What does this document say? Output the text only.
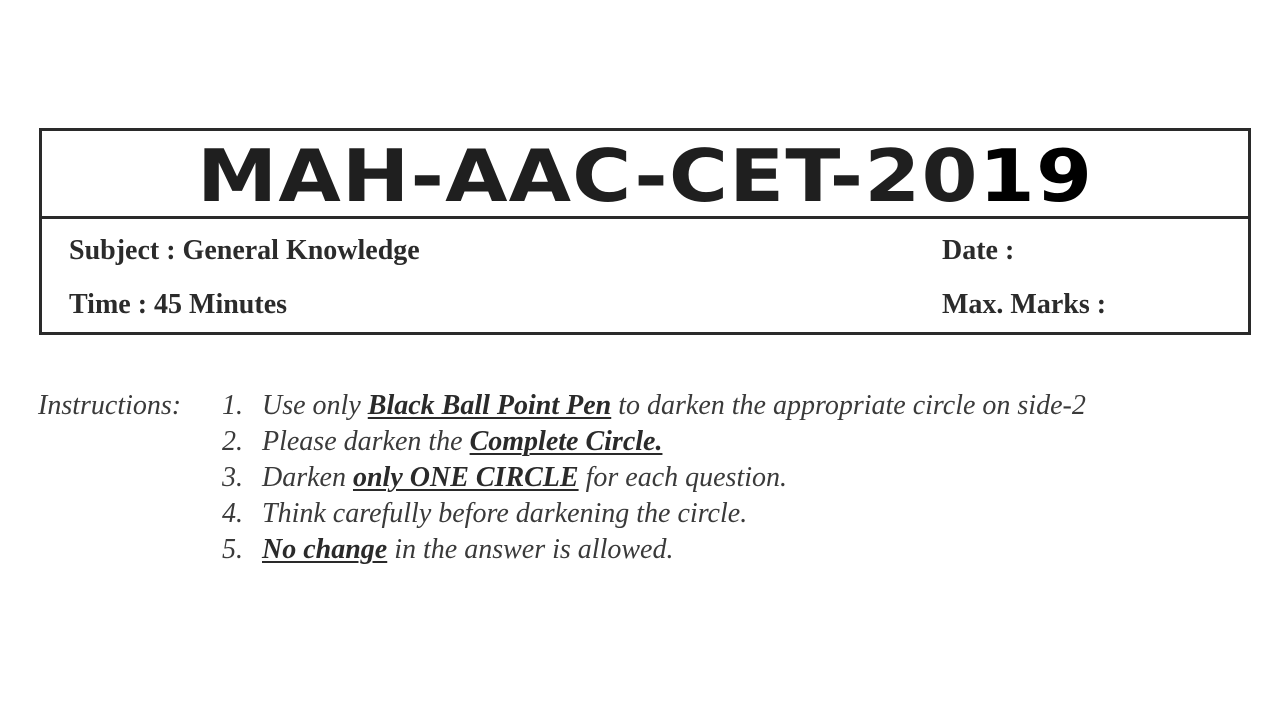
MAH-AAC-CET-2019
Subject : General Knowledge
Time : 45 Minutes
Date :
Max. Marks :
Instructions: 1. Use only Black Ball Point Pen to darken the appropriate circle on side-2
2. Please darken the Complete Circle.
3. Darken only ONE CIRCLE for each question.
4. Think carefully before darkening the circle.
5. No change in the answer is allowed.
